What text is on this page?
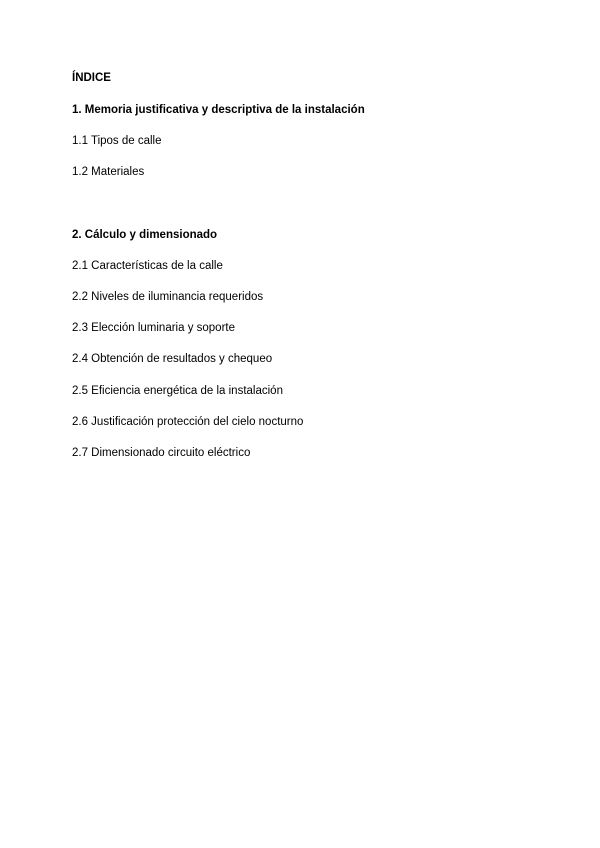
ÍNDICE
1. Memoria justificativa y descriptiva de la instalación
1.1 Tipos de calle
1.2 Materiales
2. Cálculo y dimensionado
2.1 Características de la calle
2.2 Niveles de iluminancia requeridos
2.3 Elección luminaria y soporte
2.4 Obtención de resultados y chequeo
2.5 Eficiencia energética de la instalación
2.6 Justificación protección del cielo nocturno
2.7 Dimensionado circuito eléctrico
